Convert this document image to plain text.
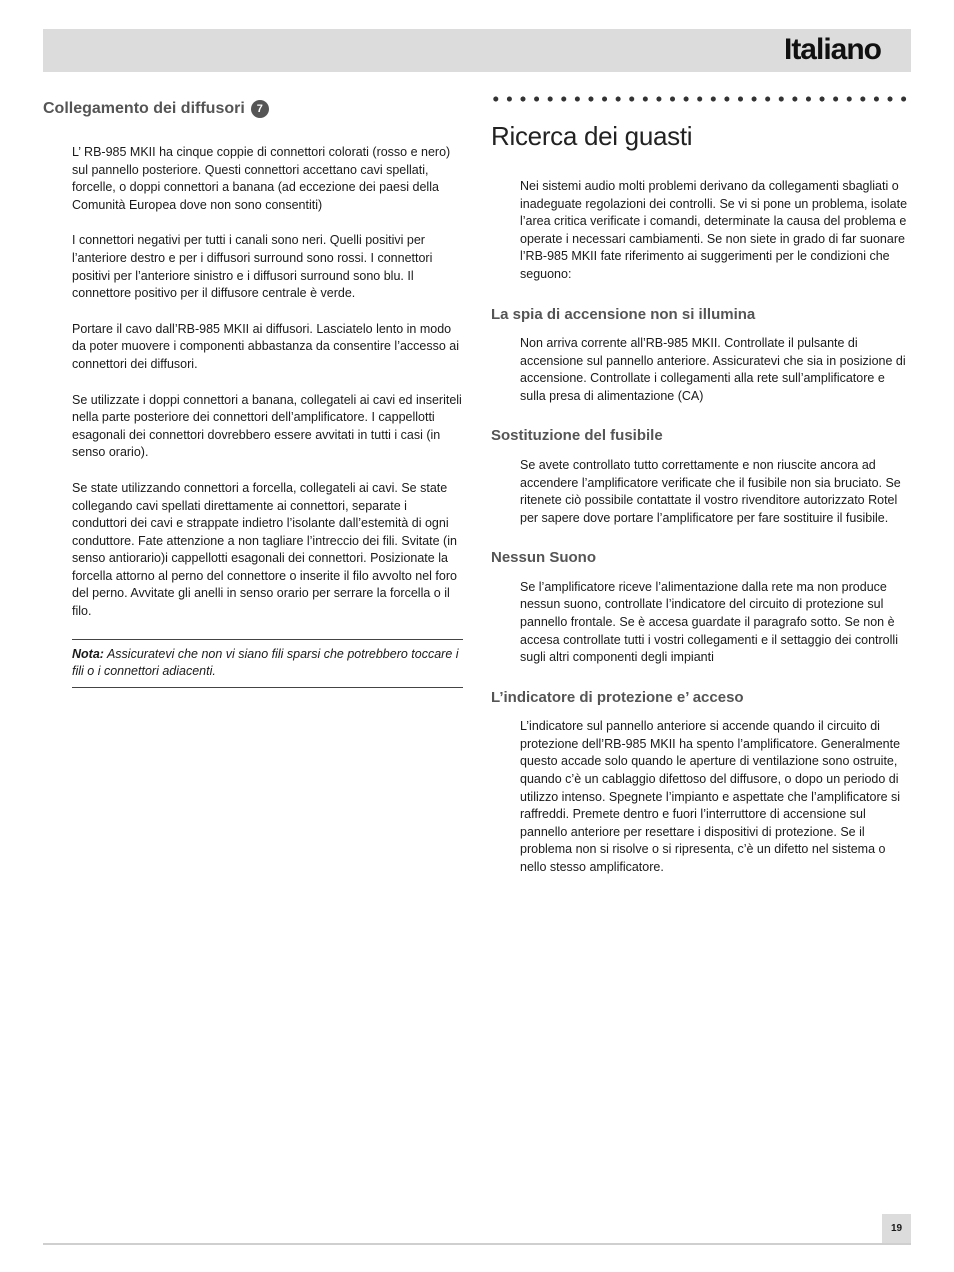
Italiano
Collegamento dei diffusori	7

L’ RB-985 MKII ha cinque coppie di connettori colorati (rosso e nero) sul pannello posteriore. Questi connettori accettano cavi spellati, forcelle, o doppi connettori a banana (ad eccezione dei paesi della Comunità Europea dove non sono consentiti)

I connettori negativi per tutti i canali sono neri. Quelli positivi per l’anteriore destro e per i diffusori surround sono rossi. I connettori positivi per l’anteriore sinistro e i diffusori surround sono blu. Il connettore positivo per il diffusore centrale è verde.

Portare il cavo dall’RB-985 MKII ai diffusori. Lasciatelo lento in modo da poter muovere i componenti abbastanza da consentire l’accesso ai connettori dei diffusori.

Se utilizzate i doppi connettori a banana, collegateli ai cavi ed inseriteli nella parte posteriore dei connettori dell’amplificatore. I cappellotti esagonali dei connettori dovrebbero essere avvitati in tutti i casi (in senso orario).

Se state utilizzando connettori a forcella, collegateli ai cavi. Se state collegando cavi spellati direttamente ai connettori, separate i conduttori dei cavi e strappate indietro l’isolante dall’estemità di ogni conduttore. Fate attenzione a non tagliare l’intreccio dei fili. Svitate (in senso antiorario)i cappellotti esagonali dei connettori. Posizionate la forcella attorno al perno del connettore o inserite il filo avvolto nel foro del perno. Avvitate gli anelli in senso orario per serrare la forcella o il filo.

Nota: Assicuratevi che non vi siano fili sparsi che potrebbero toccare i fili o i connettori adiacenti.
Ricerca dei guasti

Nei sistemi audio molti problemi derivano da collegamenti sbagliati o inadeguate regolazioni dei controlli. Se vi si pone un problema, isolate l’area critica verificate i comandi, determinate la causa del problema e operate i necessari cambiamenti. Se non siete in grado di far suonare l’RB-985 MKII fate riferimento ai suggerimenti per le condizioni che seguono:

La spia di accensione non si illumina

Non arriva corrente all’RB-985 MKII. Controllate il pulsante di accensione sul pannello anteriore. Assicuratevi che sia in posizione di accensione. Controllate i collegamenti alla rete sull’amplificatore e sulla presa di alimentazione (CA)

Sostituzione del fusibile

Se avete controllato tutto correttamente e non riuscite ancora ad accendere l’amplificatore verificate che il fusibile non sia bruciato. Se ritenete ciò possibile contattate il vostro rivenditore autorizzato Rotel per sapere dove portare l’amplificatore per fare sostituire il fusibile.

Nessun Suono

Se l’amplificatore riceve l’alimentazione dalla rete ma non produce nessun suono, controllate l’indicatore del circuito di protezione sul pannello frontale. Se è accesa guardate il paragrafo sotto. Se non è accesa controllate tutti i vostri collegamenti e il settaggio dei controlli sugli altri componenti degli impianti

L’indicatore di protezione e’ acceso

L’indicatore sul pannello anteriore si accende quando il circuito di protezione dell’RB-985 MKII ha spento l’amplificatore. Generalmente questo accade solo quando le aperture di ventilazione sono ostruite, quando c’è un cablaggio difettoso del diffusore, o dopo un periodo di utilizzo intenso. Spegnete l’impianto e aspettate che l’amplificatore si raffreddi. Premete dentro e fuori l’interruttore di accensione sul pannello anteriore per resettare i dispositivi di protezione. Se il problema non si risolve o si ripresenta, c’è un difetto nel sistema o nello stesso amplificatore.

19
